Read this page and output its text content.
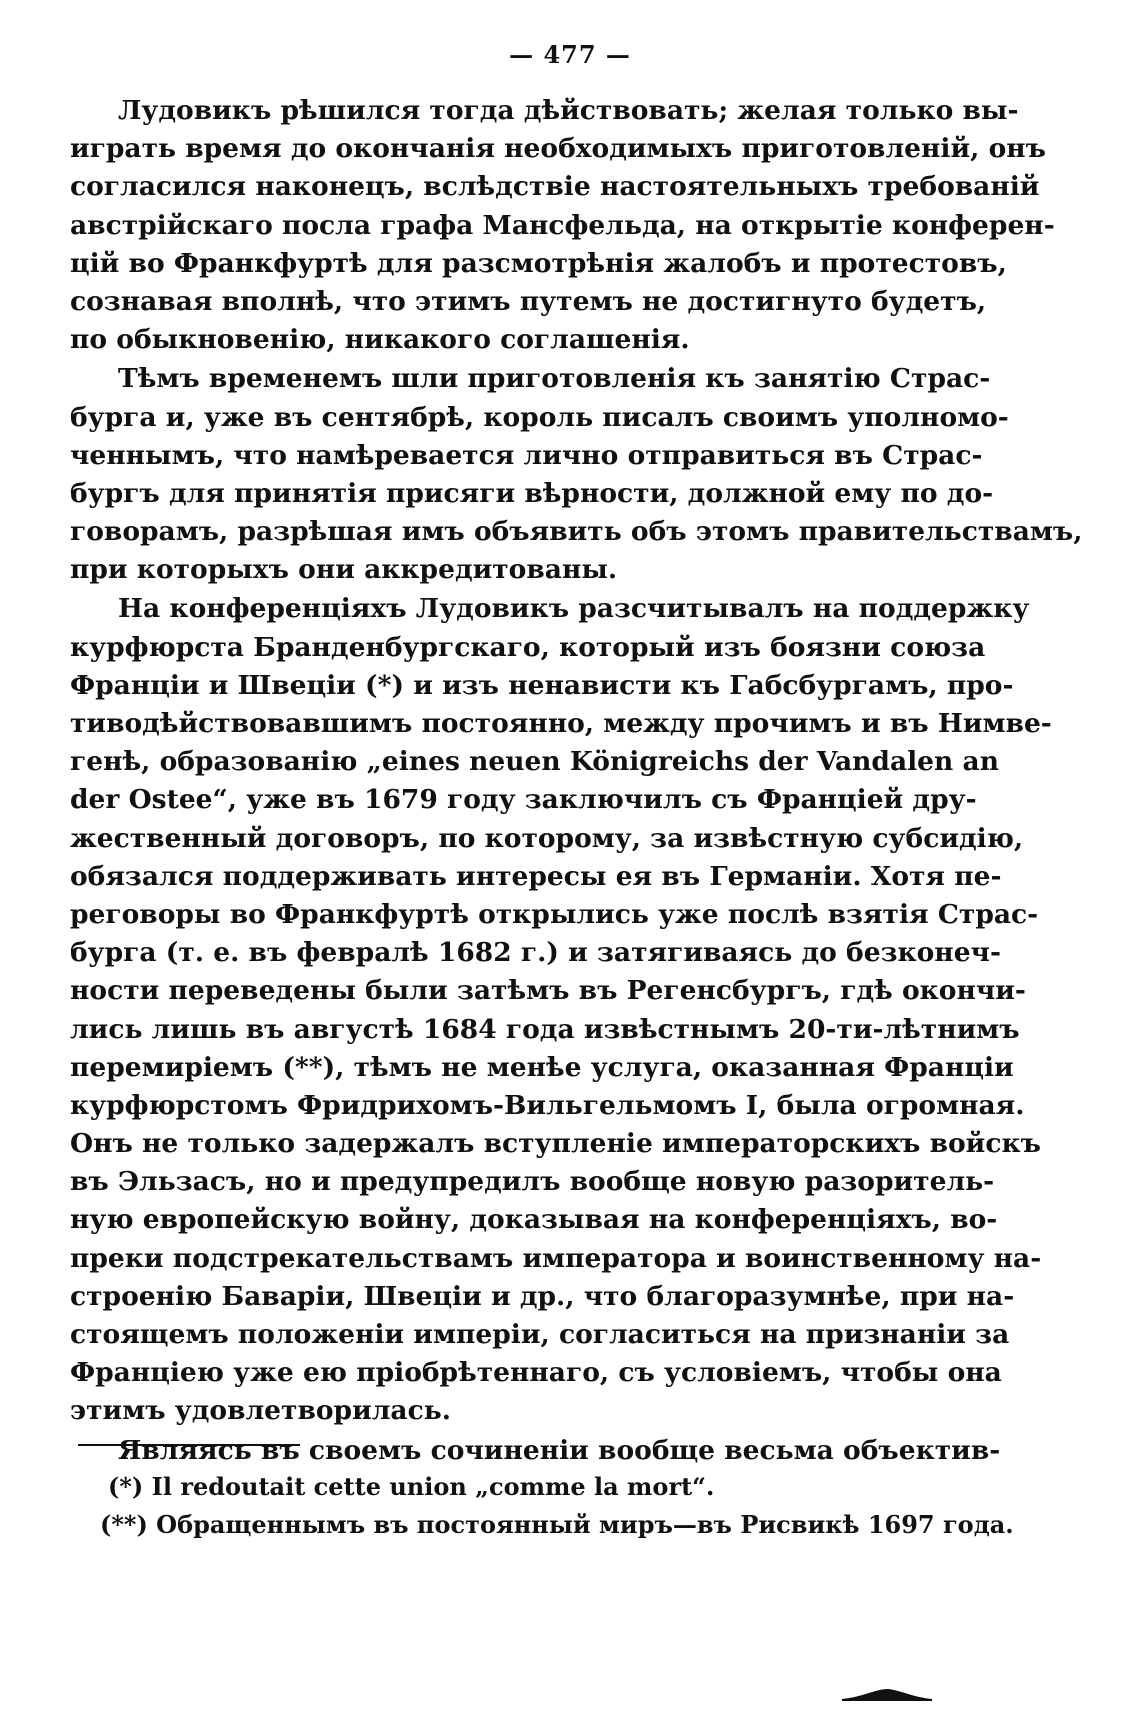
— 477 —
Лудовикъ рѣшился тогда дѣйствовать; желая только вы-
играть время до окончанія необходимыхъ приготовленій, онъ
согласился наконецъ, вслѣдствіе настоятельныхъ требованій
австрійскаго посла графа Мансфельда, на открытіе конферен-
цій во Франкфуртѣ для разсмотрѣнія жалобъ и протестовъ,
сознавая вполнѣ, что этимъ путемъ не достигнуто будетъ,
по обыкновенію, никакого соглашенія.
Тѣмъ временемъ шли приготовленія къ занятію Страс-
бурга и, уже въ сентябрѣ, король писалъ своимъ уполномо-
ченнымъ, что намѣревается лично отправиться въ Страс-
бургъ для принятія присяги вѣрности, должной ему по до-
говорамъ, разрѣшая имъ объявить объ этомъ правительствамъ,
при которыхъ они аккредитованы.
На конференціяхъ Лудовикъ разсчитывалъ на поддержку
курфюрста Бранденбургскаго, который изъ боязни союза
Франціи и Швеціи (*) и изъ ненависти къ Габсбургамъ, про-
тиводѣйствовавшимъ постоянно, между прочимъ и въ Нимве-
генѣ, образованію „eines neuen Königreichs der Vandalen an
der Ostee“, уже въ 1679 году заключилъ съ Франціей дру-
жественный договоръ, по которому, за извѣстную субсидію,
обязался поддерживать интересы ея въ Германіи. Хотя пе-
реговоры во Франкфуртѣ открылись уже послѣ взятія Страс-
бурга (т. е. въ февралѣ 1682 г.) и затягиваясь до безконеч-
ности переведены были затѣмъ въ Регенсбургъ, гдѣ окончи-
лись лишь въ августѣ 1684 года извѣстнымъ 20-ти-лѣтнимъ
перемиріемъ (**), тѣмъ не менѣе услуга, оказанная Франціи
курфюрстомъ Фридрихомъ-Вильгельмомъ I, была огромная.
Онъ не только задержалъ вступленіе императорскихъ войскъ
въ Эльзасъ, но и предупредилъ вообще новую разоритель-
ную европейскую войну, доказывая на конференціяхъ, во-
преки подстрекательствамъ императора и воинственному на-
строенію Баваріи, Швеціи и др., что благоразумнѣе, при на-
стоящемъ положеніи имперіи, согласиться на признаніи за
Франціею уже ею пріобрѣтеннаго, съ условіемъ, чтобы она
этимъ удовлетворилась.
Являясь въ своемъ сочиненіи вообще весьма объектив-
(*) Il redoutait cette union „comme la mort“.
(**) Обращеннымъ въ постоянный миръ—въ Рисвикѣ 1697 года.
